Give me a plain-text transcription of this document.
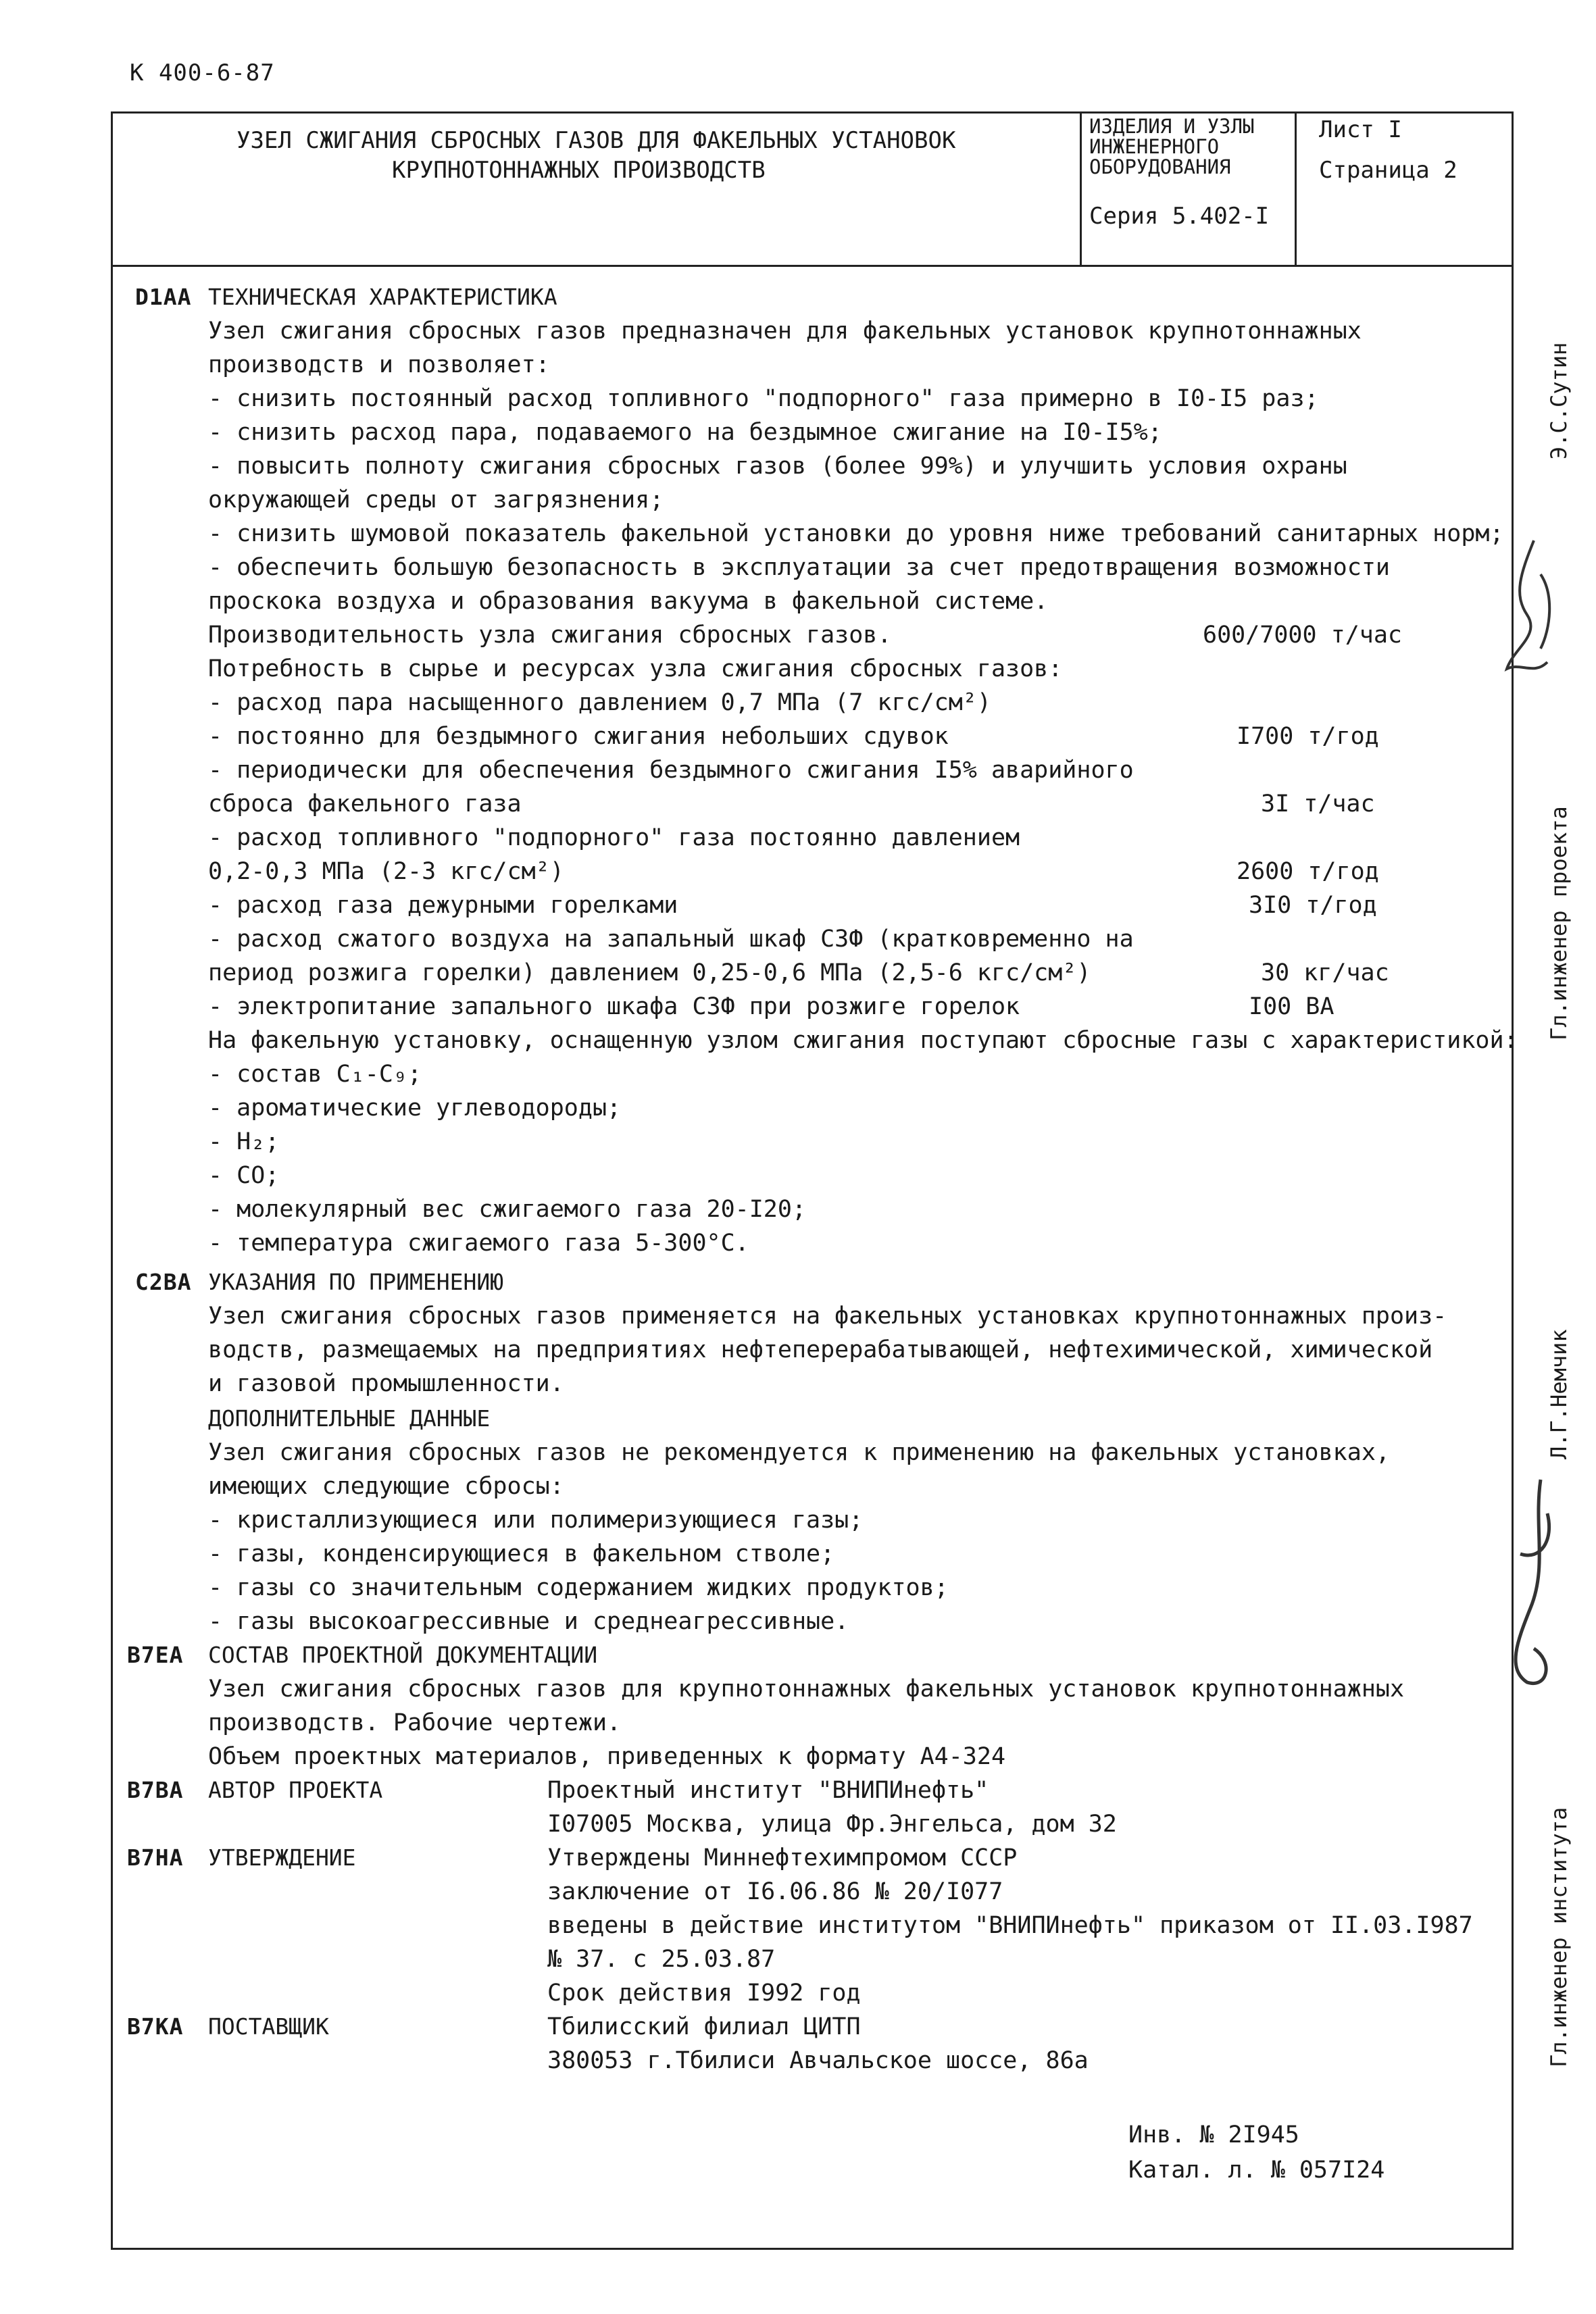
К 400-6-87
УЗЕЛ СЖИГАНИЯ СБРОСНЫХ ГАЗОВ ДЛЯ ФАКЕЛЬНЫХ УСТАНОВОК
КРУПНОТОННАЖНЫХ ПРОИЗВОДСТВ
ИЗДЕЛИЯ И УЗЛЫ
ИНЖЕНЕРНОГО
ОБОРУДОВАНИЯ
Серия 5.402-I
Лист I
Страница 2
D1AA ТЕХНИЧЕСКАЯ ХАРАКТЕРИСТИКА
Узел сжигания сбросных газов предназначен для факельных установок крупнотоннажных
производств и позволяет:
- снизить постоянный расход топливного "подпорного" газа примерно в I0-I5 раз;
- снизить расход пара, подаваемого на бездымное сжигание на I0-I5%;
- повысить полноту сжигания сбросных газов (более 99%) и улучшить условия охраны
окружающей среды от загрязнения;
- снизить шумовой показатель факельной установки до уровня ниже требований санитарных норм;
- обеспечить большую безопасность в эксплуатации за счет предотвращения возможности
проскока воздуха и образования вакуума в факельной системе.
Производительность узла сжигания сбросных газов.	600/7000 т/час
Потребность в сырье и ресурсах узла сжигания сбросных газов:
- расход пара насыщенного давлением 0,7 МПа (7 кгс/см²)
- постоянно для бездымного сжигания небольших сдувок	I700 т/год
- периодически для обеспечения бездымного сжигания I5% аварийного
сброса факельного газа	3I т/час
- расход топливного "подпорного" газа постоянно давлением
0,2-0,3 МПа (2-3 кгс/см²)	2600 т/год
- расход газа дежурными горелками	3I0 т/год
- расход сжатого воздуха на запальный шкаф СЗФ (кратковременно на
период розжига горелки) давлением 0,25-0,6 МПа (2,5-6 кгс/см²)	30 кг/час
- электропитание запального шкафа СЗФ при розжиге горелок	I00 ВА
На факельную установку, оснащенную узлом сжигания поступают сбросные газы с характеристикой:
- состав C₁-C₉;
- ароматические углеводороды;
- H₂;
- CO;
- молекулярный вес сжигаемого газа 20-I20;
- температура сжигаемого газа 5-300°С.
C2BA УКАЗАНИЯ ПО ПРИМЕНЕНИЮ
Узел сжигания сбросных газов применяется на факельных установках крупнотоннажных произ-
водств, размещаемых на предприятиях нефтеперерабатывающей, нефтехимической, химической
и газовой промышленности.
ДОПОЛНИТЕЛЬНЫЕ ДАННЫЕ
Узел сжигания сбросных газов не рекомендуется к применению на факельных установках,
имеющих следующие сбросы:
- кристаллизующиеся или полимеризующиеся газы;
- газы, конденсирующиеся в факельном стволе;
- газы со значительным содержанием жидких продуктов;
- газы высокоагрессивные и среднеагрессивные.
B7EA СОСТАВ ПРОЕКТНОЙ ДОКУМЕНТАЦИИ
Узел сжигания сбросных газов для крупнотоннажных факельных установок крупнотоннажных
производств. Рабочие чертежи.
Объем проектных материалов, приведенных к формату А4-324
B7BA АВТОР ПРОЕКТА	Проектный институт "ВНИПИнефть"
I07005 Москва, улица Фр.Энгельса, дом 32
B7HA УТВЕРЖДЕНИЕ	Утверждены Миннефтехимпромом СССР
заключение от I6.06.86 № 20/I077
введены в действие институтом "ВНИПИнефть" приказом от II.03.I987
№ 37. с 25.03.87
Срок действия I992 год
B7KA ПОСТАВЩИК	Тбилисский филиал ЦИТП
380053 г.Тбилиси Авчальское шоссе, 86а
Инв. № 2I945
Катал. л. № 057I24
Э.С.Сутин
Гл.инженер проекта
Л.Г.Немчик
Гл.инженер института
